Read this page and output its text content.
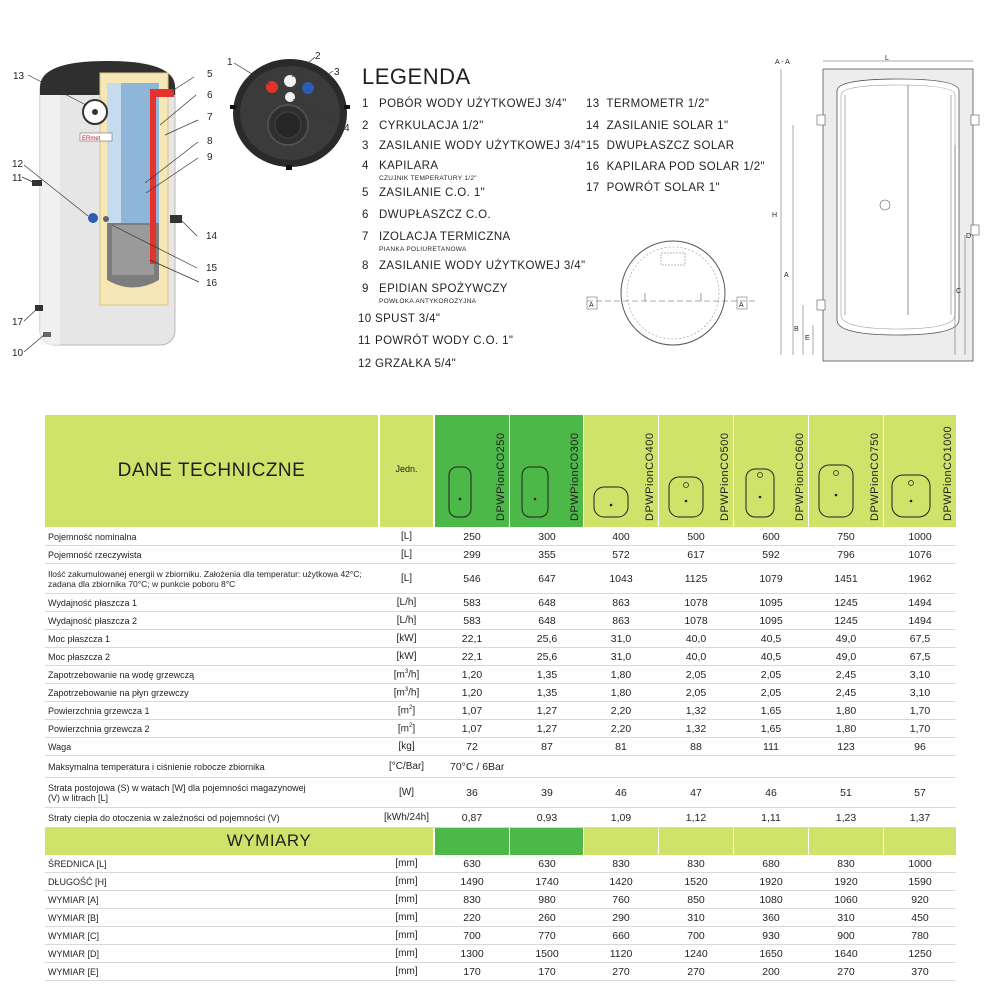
ERmet
13
12
11
17
10
5
6
7
8
9
14
15
16
1
2
3
4
LEGENDA
1 POBÓR WODY UŻYTKOWEJ 3/4"
2 CYRKULACJA 1/2"
3 ZASILANIE WODY UŻYTKOWEJ 3/4"
4 KAPILARA
CZUJNIK TEMPERATURY 1/2"
5 ZASILANIE C.O. 1"
6 DWUPŁASZCZ C.O.
7 IZOLACJA TERMICZNA
PIANKA POLIURETANOWA
8 ZASILANIE WODY UŻYTKOWEJ 3/4"
9 EPIDIAN SPOŻYWCZY
POWŁOKA ANTYKOROZYJNA
10 SPUST 3/4"
11 POWRÓT WODY C.O. 1"
12 GRZAŁKA 5/4"
13 TERMOMETR 1/2"
14 ZASILANIE SOLAR 1"
15 DWUPŁASZCZ SOLAR
16 KAPILARA POD SOLAR 1/2"
17 POWRÓT SOLAR 1"
A	A
A - A
L
H
A
B
E
C
D
DANE TECHNICZNE	Jedn.	DPWPionCO250	DPWPionCO300	DPWPionCO400	DPWPionCO500	DPWPionCO600	DPWPionCO750	DPWPionCO1000
Pojemność nominalna	[L]	250	300	400	500	600	750	1000
Pojemność rzeczywista	[L]	299	355	572	617	592	796	1076
Ilość zakumulowanej energii w zbiorniku. Założenia dla temperatur: użytkowa 42°C; zadana dla zbiornika 70°C; w punkcie poboru 8°C	[L]	546	647	1043	1125	1079	1451	1962
Wydajność płaszcza 1	[L/h]	583	648	863	1078	1095	1245	1494
Wydajność płaszcza 2	[L/h]	583	648	863	1078	1095	1245	1494
Moc płaszcza 1	[kW]	22,1	25,6	31,0	40,0	40,5	49,0	67,5
Moc płaszcza 2	[kW]	22,1	25,6	31,0	40,0	40,5	49,0	67,5
Zapotrzebowanie na wodę grzewczą	$[m^3/h]$	1,20	1,35	1,80	2,05	2,05	2,45	3,10
Zapotrzebowanie na płyn grzewczy	$[m^3/h]$	1,20	1,35	1,80	2,05	2,05	2,45	3,10
Powierzchnia grzewcza 1	$[m^2]$	1,07	1,27	2,20	1,32	1,65	1,80	1,70
Powierzchnia grzewcza 2	$[m^2]$	1,07	1,27	2,20	1,32	1,65	1,80	1,70
Waga	[kg]	72	87	81	88	111	123	96
Maksymalna temperatura i ciśnienie robocze zbiornika	[°C/Bar]	70°C / 6Bar
Strata postojowa (S) w watach [W] dla pojemności magazynowej (V) w litrach [L]	[W]	36	39	46	47	46	51	57
Straty ciepła do otoczenia w zależności od pojemności (V)	[kWh/24h]	0,87	0,93	1,09	1,12	1,11	1,23	1,37
WYMIARY
ŚREDNICA [L]	[mm]	630	630	830	830	680	830	1000
DŁUGOŚĆ [H]	[mm]	1490	1740	1420	1520	1920	1920	1590
WYMIAR [A]	[mm]	830	980	760	850	1080	1060	920
WYMIAR [B]	[mm]	220	260	290	310	360	310	450
WYMIAR [C]	[mm]	700	770	660	700	930	900	780
WYMIAR [D]	[mm]	1300	1500	1120	1240	1650	1640	1250
WYMIAR [E]	[mm]	170	170	270	270	200	270	370
